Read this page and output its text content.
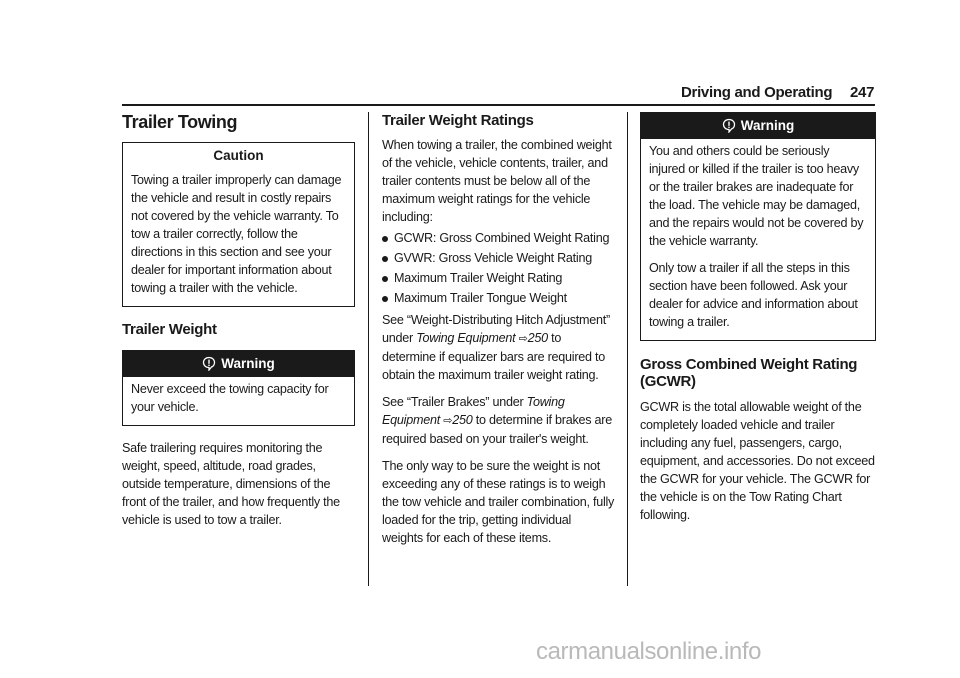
Driving and Operating 247
Trailer Towing
Caution

Towing a trailer improperly can damage the vehicle and result in costly repairs not covered by the vehicle warranty. To tow a trailer correctly, follow the directions in this section and see your dealer for important information about towing a trailer with the vehicle.

Trailer Weight
Warning

Never exceed the towing capacity for your vehicle.

Safe trailering requires monitoring the weight, speed, altitude, road grades, outside temperature, dimensions of the front of the trailer, and how frequently the vehicle is used to tow a trailer.

Trailer Weight Ratings

When towing a trailer, the combined weight of the vehicle, vehicle contents, trailer, and trailer contents must be below all of the maximum weight ratings for the vehicle including:

GCWR: Gross Combined Weight Rating
GVWR: Gross Vehicle Weight Rating
Maximum Trailer Weight Rating
Maximum Trailer Tongue Weight

See “Weight-Distributing Hitch Adjustment” under Towing Equipment ⇨250 to determine if equalizer bars are required to obtain the maximum trailer weight rating.

See “Trailer Brakes” under Towing Equipment ⇨250 to determine if brakes are required based on your trailer's weight.

The only way to be sure the weight is not exceeding any of these ratings is to weigh the tow vehicle and trailer combination, fully loaded for the trip, getting individual weights for each of these items.

Warning

You and others could be seriously injured or killed if the trailer is too heavy or the trailer brakes are inadequate for the load. The vehicle may be damaged, and the repairs would not be covered by the vehicle warranty.

Only tow a trailer if all the steps in this section have been followed. Ask your dealer for advice and information about towing a trailer.

Gross Combined Weight Rating (GCWR)

GCWR is the total allowable weight of the completely loaded vehicle and trailer including any fuel, passengers, cargo, equipment, and accessories. Do not exceed the GCWR for your vehicle. The GCWR for the vehicle is on the Tow Rating Chart following.

carmanualsonline.info
